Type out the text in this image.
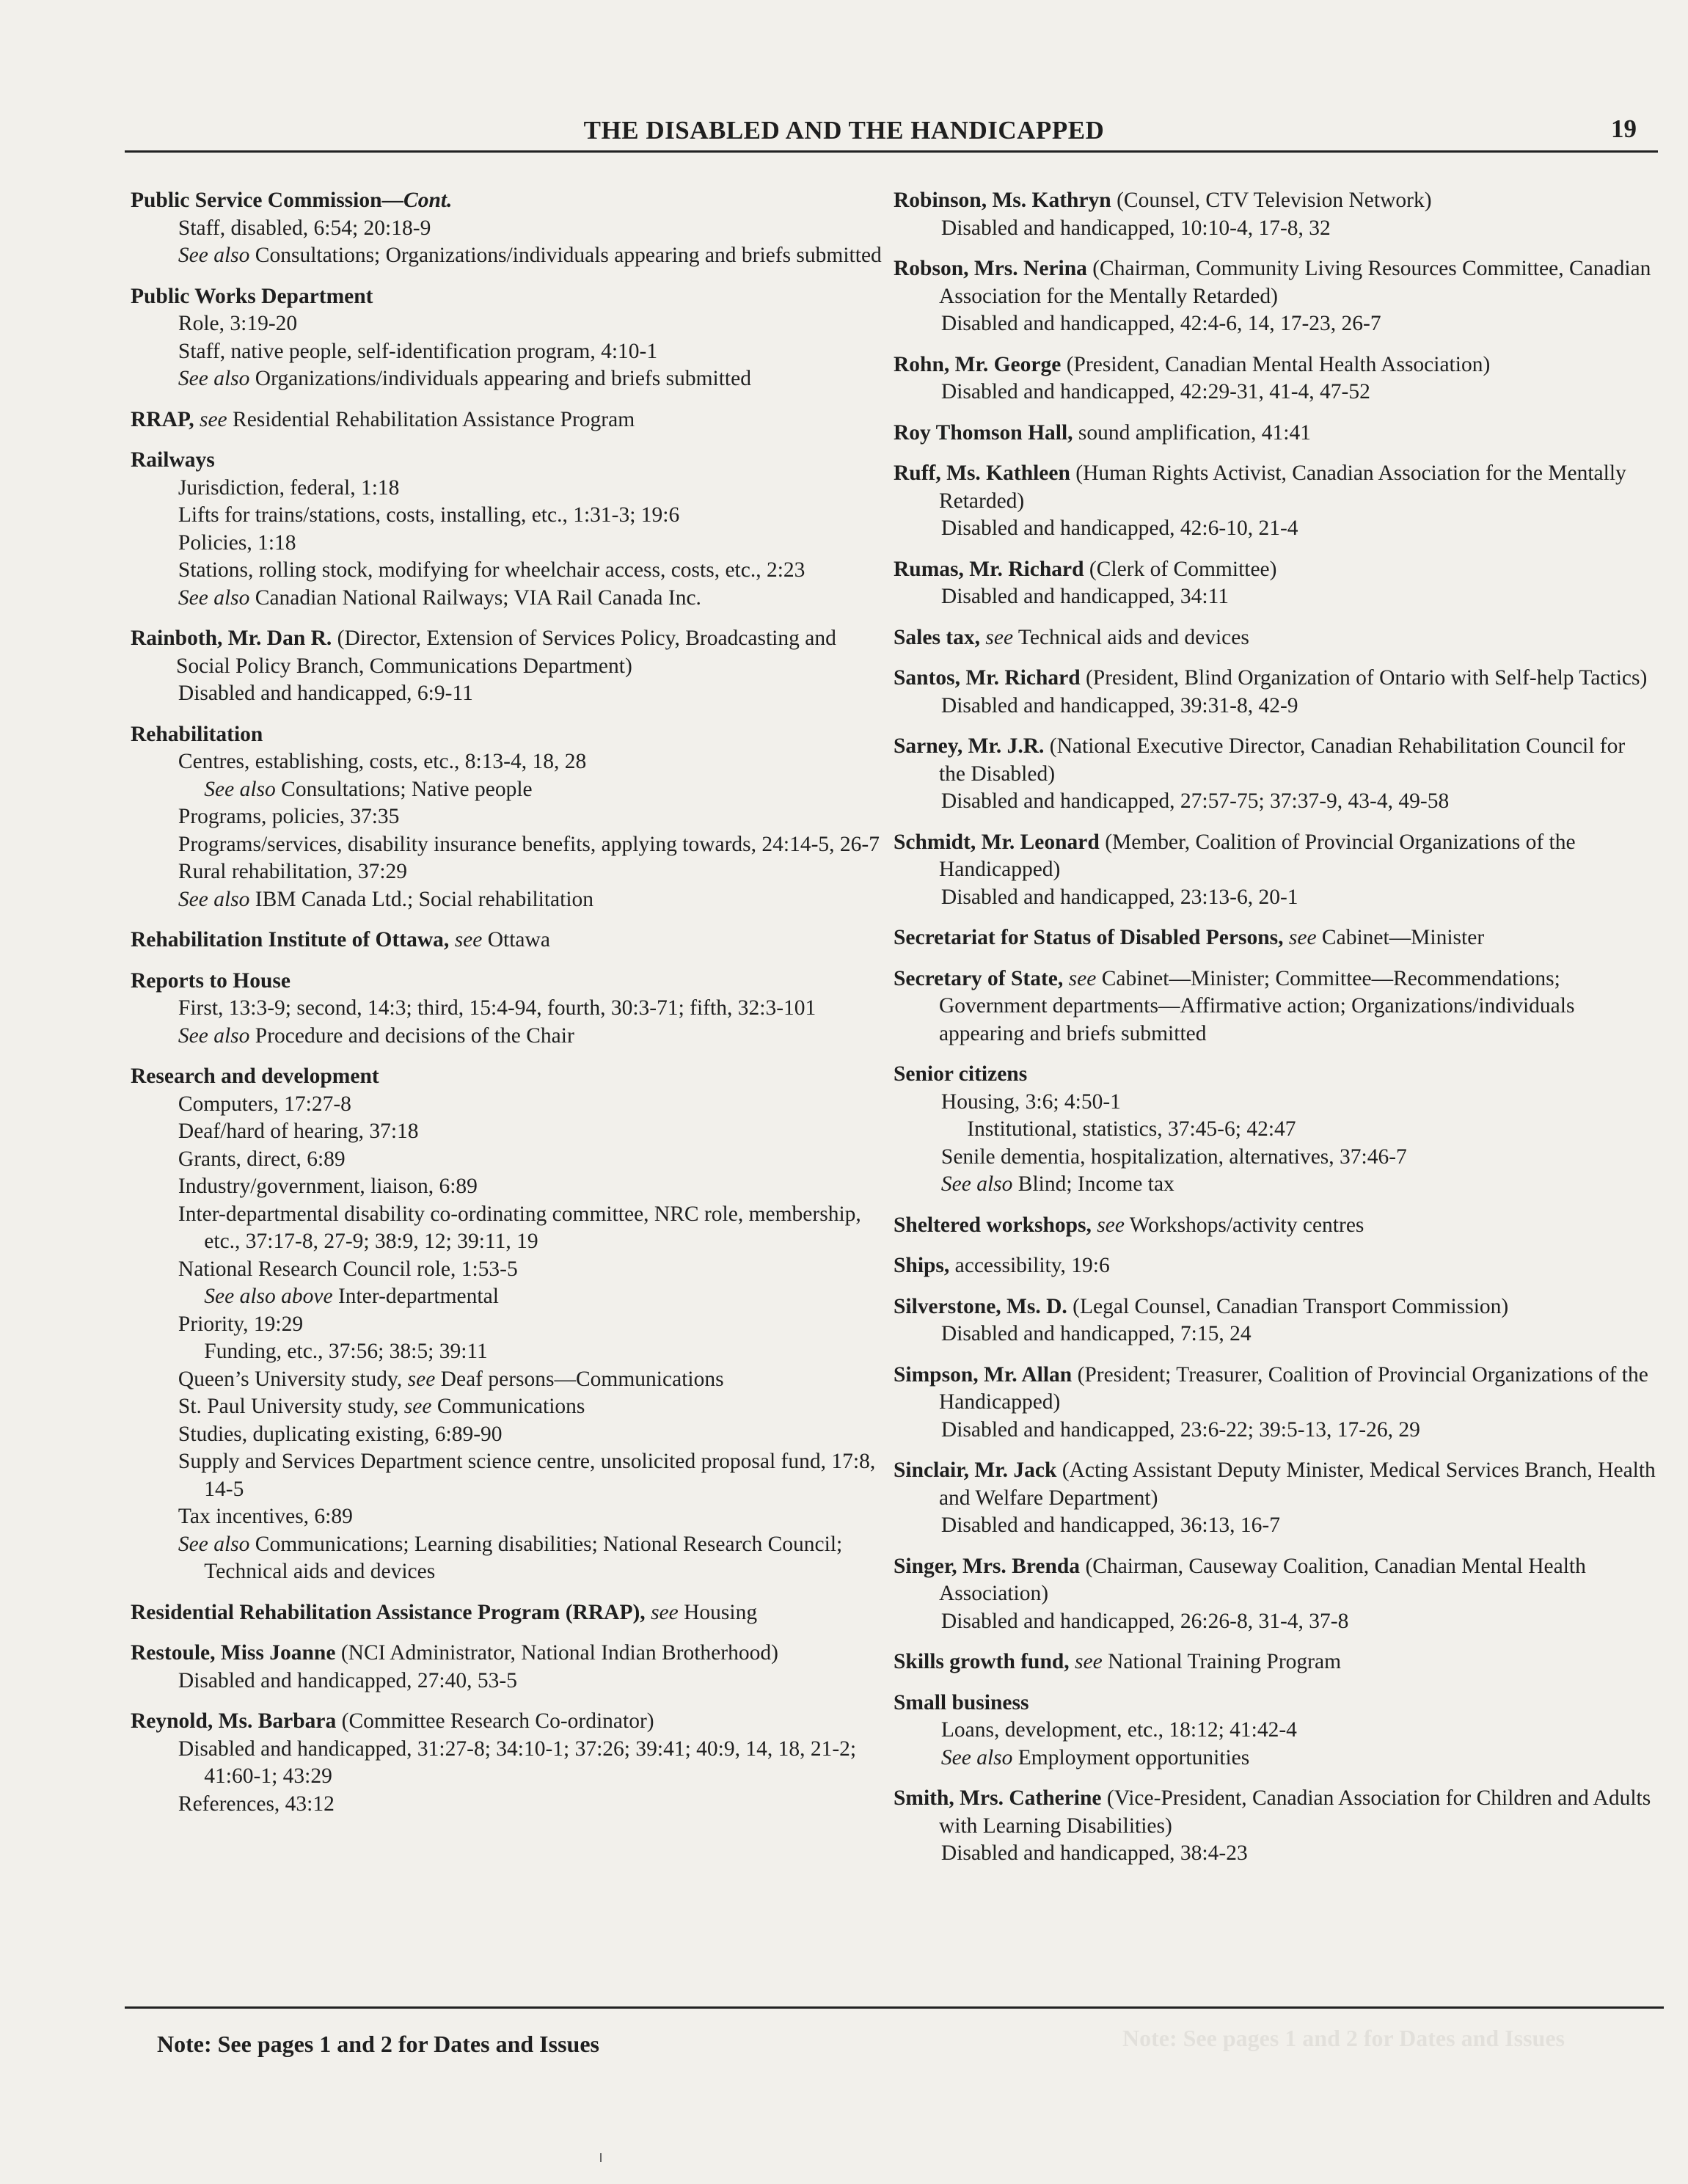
THE DISABLED AND THE HANDICAPPED	19
Public Service Commission—Cont.
Staff, disabled, 6:54; 20:18-9
See also Consultations; Organizations/individuals appearing and briefs submitted
Public Works Department
Role, 3:19-20
Staff, native people, self-identification program, 4:10-1
See also Organizations/individuals appearing and briefs submitted
RRAP, see Residential Rehabilitation Assistance Program
Railways
Jurisdiction, federal, 1:18
Lifts for trains/stations, costs, installing, etc., 1:31-3; 19:6
Policies, 1:18
Stations, rolling stock, modifying for wheelchair access, costs, etc., 2:23
See also Canadian National Railways; VIA Rail Canada Inc.
Rainboth, Mr. Dan R. (Director, Extension of Services Policy, Broadcasting and Social Policy Branch, Communications Department)
Disabled and handicapped, 6:9-11
Rehabilitation
Centres, establishing, costs, etc., 8:13-4, 18, 28
See also Consultations; Native people
Programs, policies, 37:35
Programs/services, disability insurance benefits, applying towards, 24:14-5, 26-7
Rural rehabilitation, 37:29
See also IBM Canada Ltd.; Social rehabilitation
Rehabilitation Institute of Ottawa, see Ottawa
Reports to House
First, 13:3-9; second, 14:3; third, 15:4-94, fourth, 30:3-71; fifth, 32:3-101
See also Procedure and decisions of the Chair
Research and development
Computers, 17:27-8
Deaf/hard of hearing, 37:18
Grants, direct, 6:89
Industry/government, liaison, 6:89
Inter-departmental disability co-ordinating committee, NRC role, membership, etc., 37:17-8, 27-9; 38:9, 12; 39:11, 19
National Research Council role, 1:53-5
See also above Inter-departmental
Priority, 19:29
Funding, etc., 37:56; 38:5; 39:11
Queen’s University study, see Deaf persons—Communications
St. Paul University study, see Communications
Studies, duplicating existing, 6:89-90
Supply and Services Department science centre, unsolicited proposal fund, 17:8, 14-5
Tax incentives, 6:89
See also Communications; Learning disabilities; National Research Council; Technical aids and devices
Residential Rehabilitation Assistance Program (RRAP), see Housing
Restoule, Miss Joanne (NCI Administrator, National Indian Brotherhood)
Disabled and handicapped, 27:40, 53-5
Reynold, Ms. Barbara (Committee Research Co-ordinator)
Disabled and handicapped, 31:27-8; 34:10-1; 37:26; 39:41; 40:9, 14, 18, 21-2; 41:60-1; 43:29
References, 43:12
Robinson, Ms. Kathryn (Counsel, CTV Television Network)
Disabled and handicapped, 10:10-4, 17-8, 32
Robson, Mrs. Nerina (Chairman, Community Living Resources Committee, Canadian Association for the Mentally Retarded)
Disabled and handicapped, 42:4-6, 14, 17-23, 26-7
Rohn, Mr. George (President, Canadian Mental Health Association)
Disabled and handicapped, 42:29-31, 41-4, 47-52
Roy Thomson Hall, sound amplification, 41:41
Ruff, Ms. Kathleen (Human Rights Activist, Canadian Association for the Mentally Retarded)
Disabled and handicapped, 42:6-10, 21-4
Rumas, Mr. Richard (Clerk of Committee)
Disabled and handicapped, 34:11
Sales tax, see Technical aids and devices
Santos, Mr. Richard (President, Blind Organization of Ontario with Self-help Tactics)
Disabled and handicapped, 39:31-8, 42-9
Sarney, Mr. J.R. (National Executive Director, Canadian Rehabilitation Council for the Disabled)
Disabled and handicapped, 27:57-75; 37:37-9, 43-4, 49-58
Schmidt, Mr. Leonard (Member, Coalition of Provincial Organizations of the Handicapped)
Disabled and handicapped, 23:13-6, 20-1
Secretariat for Status of Disabled Persons, see Cabinet—Minister
Secretary of State, see Cabinet—Minister; Committee—Recommendations; Government departments—Affirmative action; Organizations/individuals appearing and briefs submitted
Senior citizens
Housing, 3:6; 4:50-1
Institutional, statistics, 37:45-6; 42:47
Senile dementia, hospitalization, alternatives, 37:46-7
See also Blind; Income tax
Sheltered workshops, see Workshops/activity centres
Ships, accessibility, 19:6
Silverstone, Ms. D. (Legal Counsel, Canadian Transport Commission)
Disabled and handicapped, 7:15, 24
Simpson, Mr. Allan (President; Treasurer, Coalition of Provincial Organizations of the Handicapped)
Disabled and handicapped, 23:6-22; 39:5-13, 17-26, 29
Sinclair, Mr. Jack (Acting Assistant Deputy Minister, Medical Services Branch, Health and Welfare Department)
Disabled and handicapped, 36:13, 16-7
Singer, Mrs. Brenda (Chairman, Causeway Coalition, Canadian Mental Health Association)
Disabled and handicapped, 26:26-8, 31-4, 37-8
Skills growth fund, see National Training Program
Small business
Loans, development, etc., 18:12; 41:42-4
See also Employment opportunities
Smith, Mrs. Catherine (Vice-President, Canadian Association for Children and Adults with Learning Disabilities)
Disabled and handicapped, 38:4-23
Note: See pages 1 and 2 for Dates and Issues	Note: See pages 1 and 2 for Dates and Issues
